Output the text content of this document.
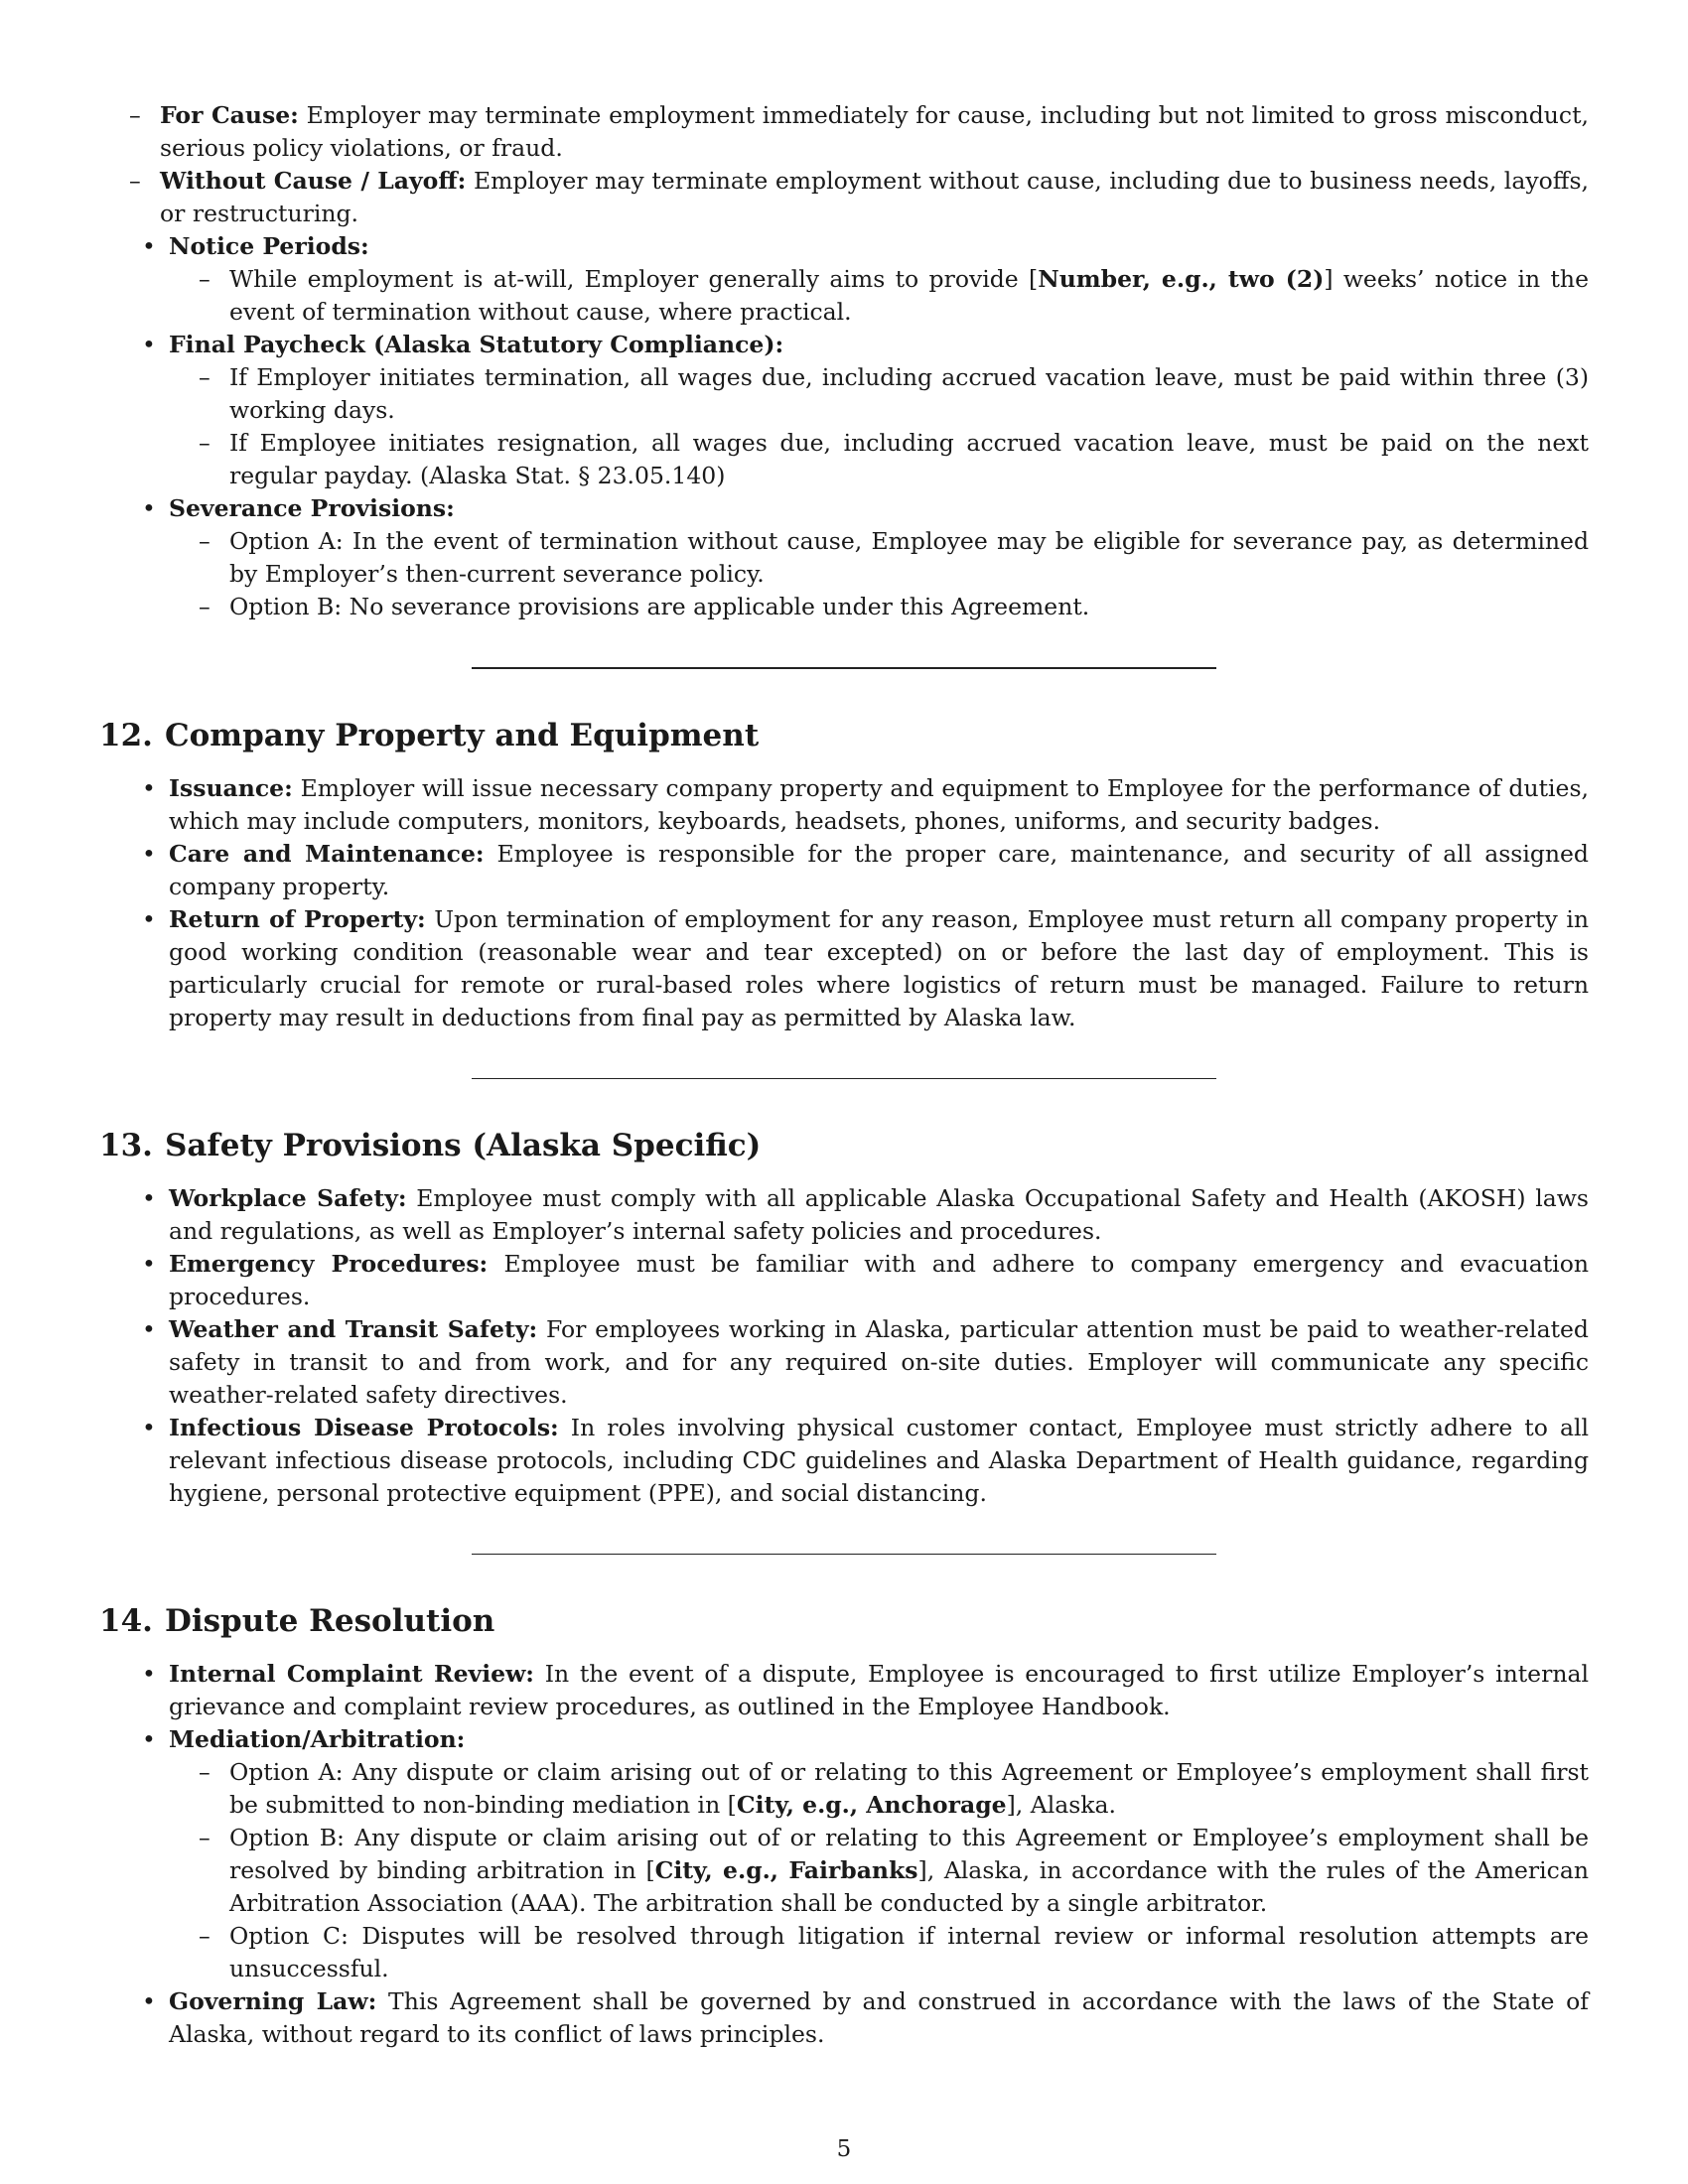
– For Cause: Employer may terminate employment immediately for cause, including but not limited to gross misconduct, serious policy violations, or fraud.
– Without Cause / Layoff: Employer may terminate employment without cause, including due to business needs, layoffs, or restructuring.
• Notice Periods:
– While employment is at-will, Employer generally aims to provide [Number, e.g., two (2)] weeks’ notice in the event of termination without cause, where practical.
• Final Paycheck (Alaska Statutory Compliance):
– If Employer initiates termination, all wages due, including accrued vacation leave, must be paid within three (3) working days.
– If Employee initiates resignation, all wages due, including accrued vacation leave, must be paid on the next regular payday. (Alaska Stat. § 23.05.140)
• Severance Provisions:
– Option A: In the event of termination without cause, Employee may be eligible for severance pay, as determined by Employer’s then-current severance policy.
– Option B: No severance provisions are applicable under this Agreement.
12. Company Property and Equipment
• Issuance: Employer will issue necessary company property and equipment to Employee for the performance of duties, which may include computers, monitors, keyboards, headsets, phones, uniforms, and security badges.
• Care and Maintenance: Employee is responsible for the proper care, maintenance, and security of all assigned company property.
• Return of Property: Upon termination of employment for any reason, Employee must return all company property in good working condition (reasonable wear and tear excepted) on or before the last day of employment. This is particularly crucial for remote or rural-based roles where logistics of return must be managed. Failure to return property may result in deductions from final pay as permitted by Alaska law.
13. Safety Provisions (Alaska Specific)
• Workplace Safety: Employee must comply with all applicable Alaska Occupational Safety and Health (AKOSH) laws and regulations, as well as Employer’s internal safety policies and procedures.
• Emergency Procedures: Employee must be familiar with and adhere to company emergency and evacuation procedures.
• Weather and Transit Safety: For employees working in Alaska, particular attention must be paid to weather-related safety in transit to and from work, and for any required on-site duties. Employer will communicate any specific weather-related safety directives.
• Infectious Disease Protocols: In roles involving physical customer contact, Employee must strictly adhere to all relevant infectious disease protocols, including CDC guidelines and Alaska Department of Health guidance, regarding hygiene, personal protective equipment (PPE), and social distancing.
14. Dispute Resolution
• Internal Complaint Review: In the event of a dispute, Employee is encouraged to first utilize Employer’s internal grievance and complaint review procedures, as outlined in the Employee Handbook.
• Mediation/Arbitration:
– Option A: Any dispute or claim arising out of or relating to this Agreement or Employee’s employment shall first be submitted to non-binding mediation in [City, e.g., Anchorage], Alaska.
– Option B: Any dispute or claim arising out of or relating to this Agreement or Employee’s employment shall be resolved by binding arbitration in [City, e.g., Fairbanks], Alaska, in accordance with the rules of the American Arbitration Association (AAA). The arbitration shall be conducted by a single arbitrator.
– Option C: Disputes will be resolved through litigation if internal review or informal resolution attempts are unsuccessful.
• Governing Law: This Agreement shall be governed by and construed in accordance with the laws of the State of Alaska, without regard to its conflict of laws principles.
5
